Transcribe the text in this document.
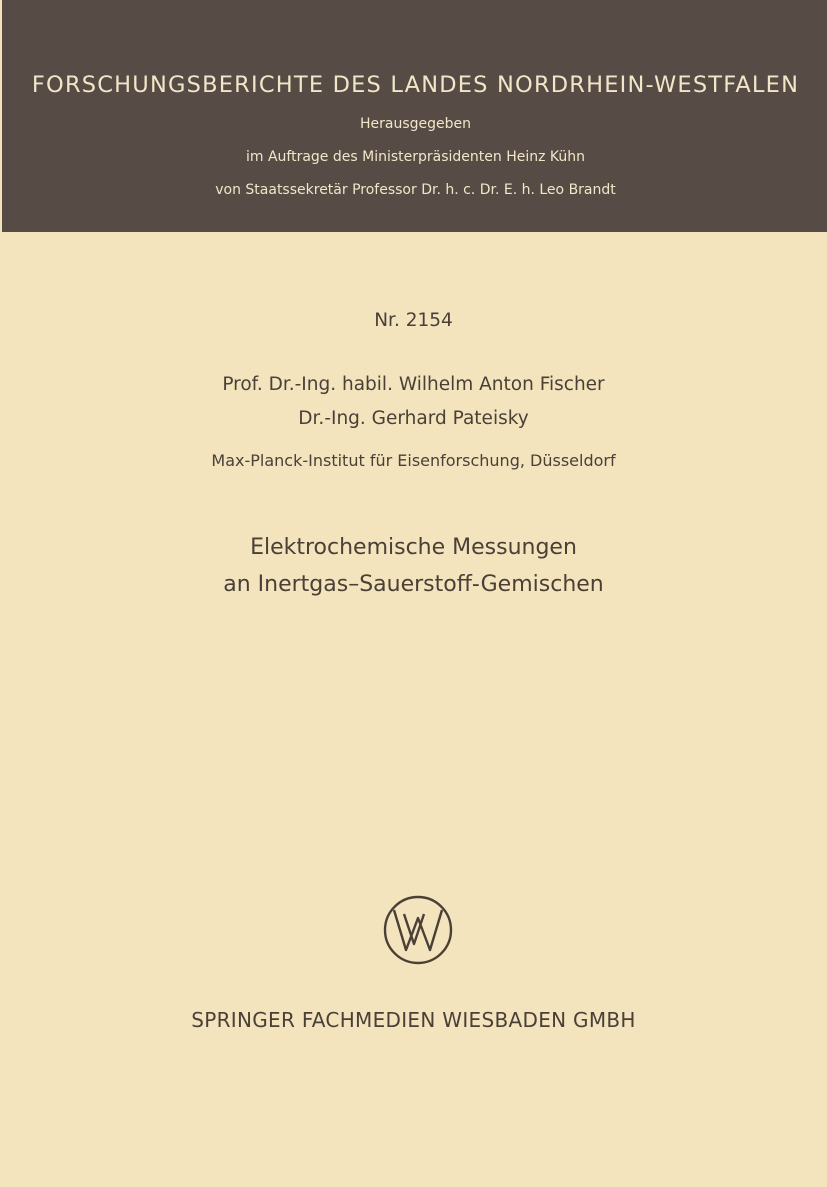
FORSCHUNGSBERICHTE DES LANDES NORDRHEIN-WESTFALEN
Herausgegeben
im Auftrage des Ministerpräsidenten Heinz Kühn
von Staatssekretär Professor Dr. h. c. Dr. E. h. Leo Brandt
Nr. 2154
Prof. Dr.-Ing. habil. Wilhelm Anton Fischer
Dr.-Ing. Gerhard Pateisky
Max-Planck-Institut für Eisenforschung, Düsseldorf
Elektrochemische Messungen
an Inertgas–Sauerstoff-Gemischen
SPRINGER FACHMEDIEN WIESBADEN GMBH
